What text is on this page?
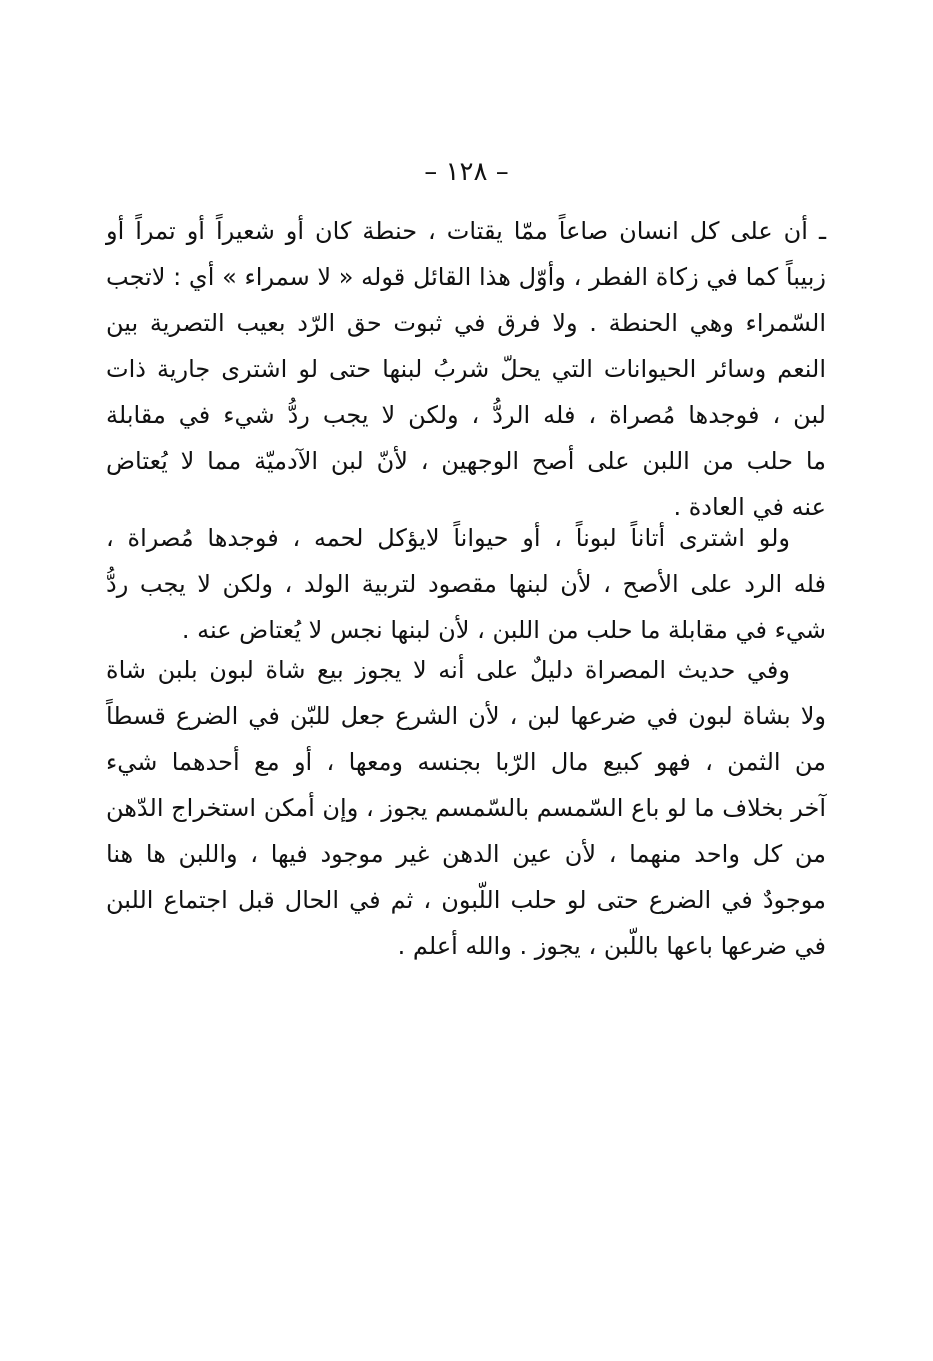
– ١٢٨ –
ـ أن على كل انسان صاعاً ممّا يقتات ، حنطة كان أو شعيراً أو تمراً أو
زبيباً كما في زكاة الفطر ، وأوّل هذا القائل قوله « لا سمراء » أي : لاتجب
السّمراء وهي الحنطة . ولا فرق في ثبوت حق الرّد بعيب التصرية بين
النعم وسائر الحيوانات التي يحلّ شربُ لبنها حتى لو اشترى جارية ذات
لبن ، فوجدها مُصراة ، فله الردُّ ، ولكن لا يجب ردُّ شيء في مقابلة
ما حلب من اللبن على أصح الوجهين ، لأنّ لبن الآدميّة مما لا يُعتاض
عنه في العادة .
ولو اشترى أتاناً لبوناً ، أو حيواناً لايؤكل لحمه ، فوجدها مُصراة ،
فله الرد على الأصح ، لأن لبنها مقصود لتربية الولد ، ولكن لا يجب ردُّ
شيء في مقابلة ما حلب من اللبن ، لأن لبنها نجس لا يُعتاض عنه .
وفي حديث المصراة دليلٌ على أنه لا يجوز بيع شاة لبون بلبن شاة
ولا بشاة لبون في ضرعها لبن ، لأن الشرع جعل للبّن في الضرع قسطاً
من الثمن ، فهو كبيع مال الرّبا بجنسه ومعها ، أو مع أحدهما شيء
آخر بخلاف ما لو باع السّمسم بالسّمسم يجوز ، وإن أمكن استخراج الدّهن
من كل واحد منهما ، لأن عين الدهن غير موجود فيها ، واللبن ها هنا
موجودٌ في الضرع حتى لو حلب اللّبون ، ثم في الحال قبل اجتماع اللبن
في ضرعها باعها باللّبن ، يجوز . والله أعلم .
